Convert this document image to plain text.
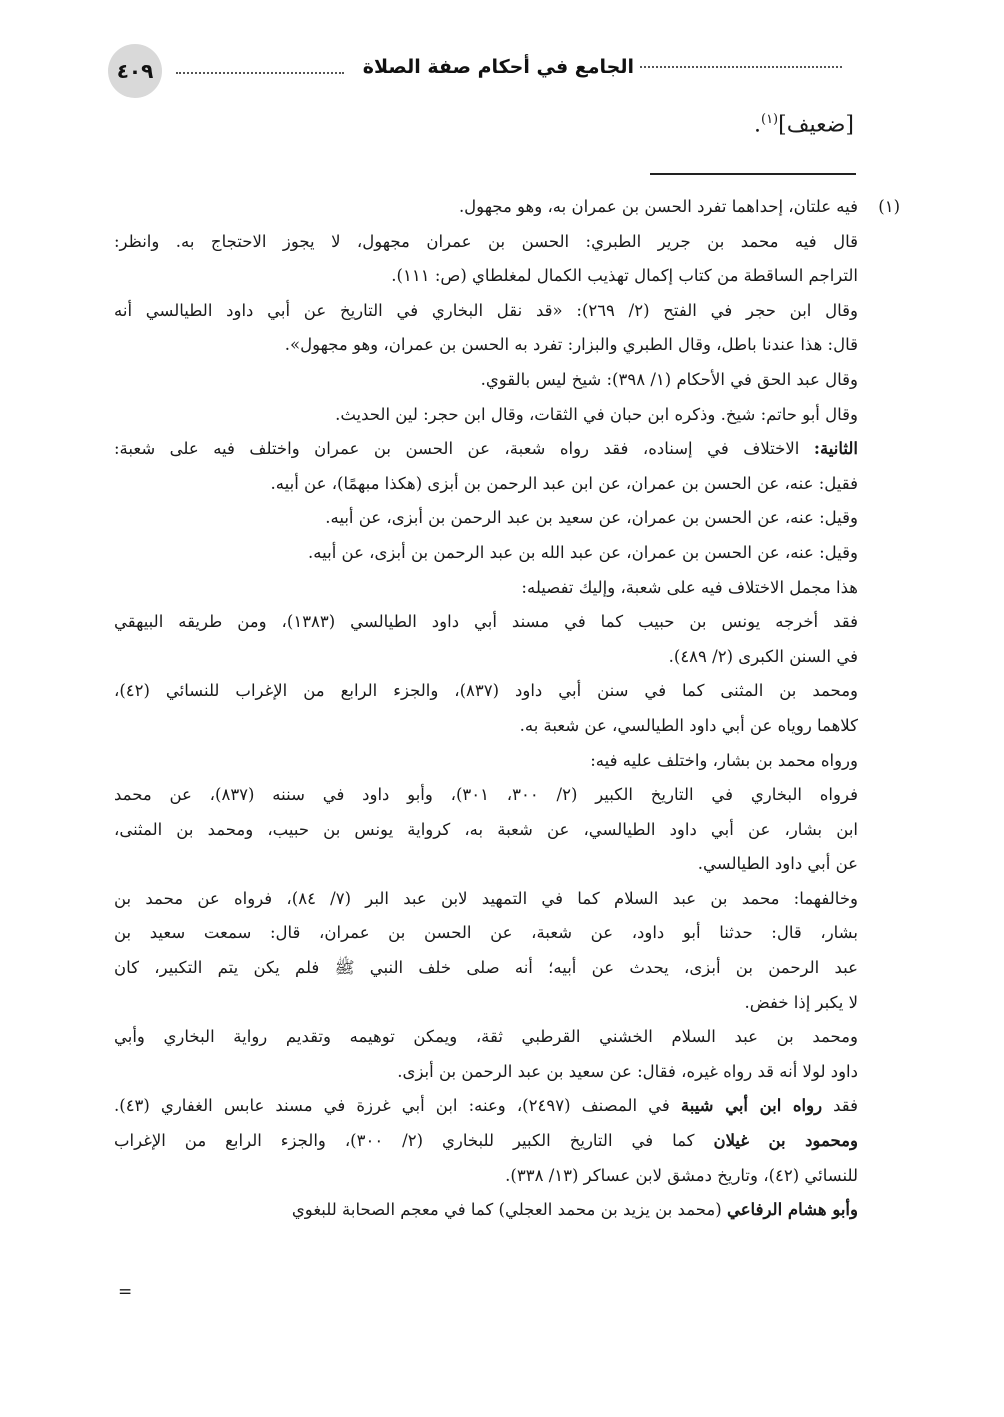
٤٠٩	الجامع في أحكام صفة الصلاة
[ضعيف]$^{(١)}$.
(١)
فيه علتان، إحداهما تفرد الحسن بن عمران به، وهو مجهول.
قال فيه محمد بن جرير الطبري: الحسن بن عمران مجهول، لا يجوز الاحتجاج به. وانظر:
التراجم الساقطة من كتاب إكمال تهذيب الكمال لمغلطاي (ص: ١١١).
وقال ابن حجر في الفتح (٢/ ٢٦٩): «قد نقل البخاري في التاريخ عن أبي داود الطيالسي أنه
قال: هذا عندنا باطل، وقال الطبري والبزار: تفرد به الحسن بن عمران، وهو مجهول».
وقال عبد الحق في الأحكام (١/ ٣٩٨): شيخ ليس بالقوي.
وقال أبو حاتم: شيخ. وذكره ابن حبان في الثقات، وقال ابن حجر: لين الحديث.
الثانية: الاختلاف في إسناده، فقد رواه شعبة، عن الحسن بن عمران واختلف فيه على شعبة:
فقيل: عنه، عن الحسن بن عمران، عن ابن عبد الرحمن بن أبزى (هكذا مبهمًا)، عن أبيه.
وقيل: عنه، عن الحسن بن عمران، عن سعيد بن عبد الرحمن بن أبزى، عن أبيه.
وقيل: عنه، عن الحسن بن عمران، عن عبد الله بن عبد الرحمن بن أبزى، عن أبيه.
هذا مجمل الاختلاف فيه على شعبة، وإليك تفصيله:
فقد أخرجه يونس بن حبيب كما في مسند أبي داود الطيالسي (١٣٨٣)، ومن طريقه البيهقي
في السنن الكبرى (٢/ ٤٨٩).
ومحمد بن المثنى كما في سنن أبي داود (٨٣٧)، والجزء الرابع من الإغراب للنسائي (٤٢)،
كلاهما روياه عن أبي داود الطيالسي، عن شعبة به.
ورواه محمد بن بشار، واختلف عليه فيه:
فرواه البخاري في التاريخ الكبير (٢/ ٣٠٠، ٣٠١)، وأبو داود في سننه (٨٣٧)، عن محمد
ابن بشار، عن أبي داود الطيالسي، عن شعبة به، كرواية يونس بن حبيب، ومحمد بن المثنى،
عن أبي داود الطيالسي.
وخالفهما: محمد بن عبد السلام كما في التمهيد لابن عبد البر (٧/ ٨٤)، فرواه عن محمد بن
بشار، قال: حدثنا أبو داود، عن شعبة، عن الحسن بن عمران، قال: سمعت سعيد بن
عبد الرحمن بن أبزى، يحدث عن أبيه؛ أنه صلى خلف النبي ﷺ فلم يكن يتم التكبير، كان
لا يكبر إذا خفض.
ومحمد بن عبد السلام الخشني القرطبي ثقة، ويمكن توهيمه وتقديم رواية البخاري وأبي
داود لولا أنه قد رواه غيره، فقال: عن سعيد بن عبد الرحمن بن أبزى.
فقد رواه ابن أبي شيبة في المصنف (٢٤٩٧)، وعنه: ابن أبي غرزة في مسند عابس الغفاري (٤٣).
ومحمود بن غيلان كما في التاريخ الكبير للبخاري (٢/ ٣٠٠)، والجزء الرابع من الإغراب
للنسائي (٤٢)، وتاريخ دمشق لابن عساكر (١٣/ ٣٣٨).
وأبو هشام الرفاعي (محمد بن يزيد بن محمد العجلي) كما في معجم الصحابة للبغوي
=
